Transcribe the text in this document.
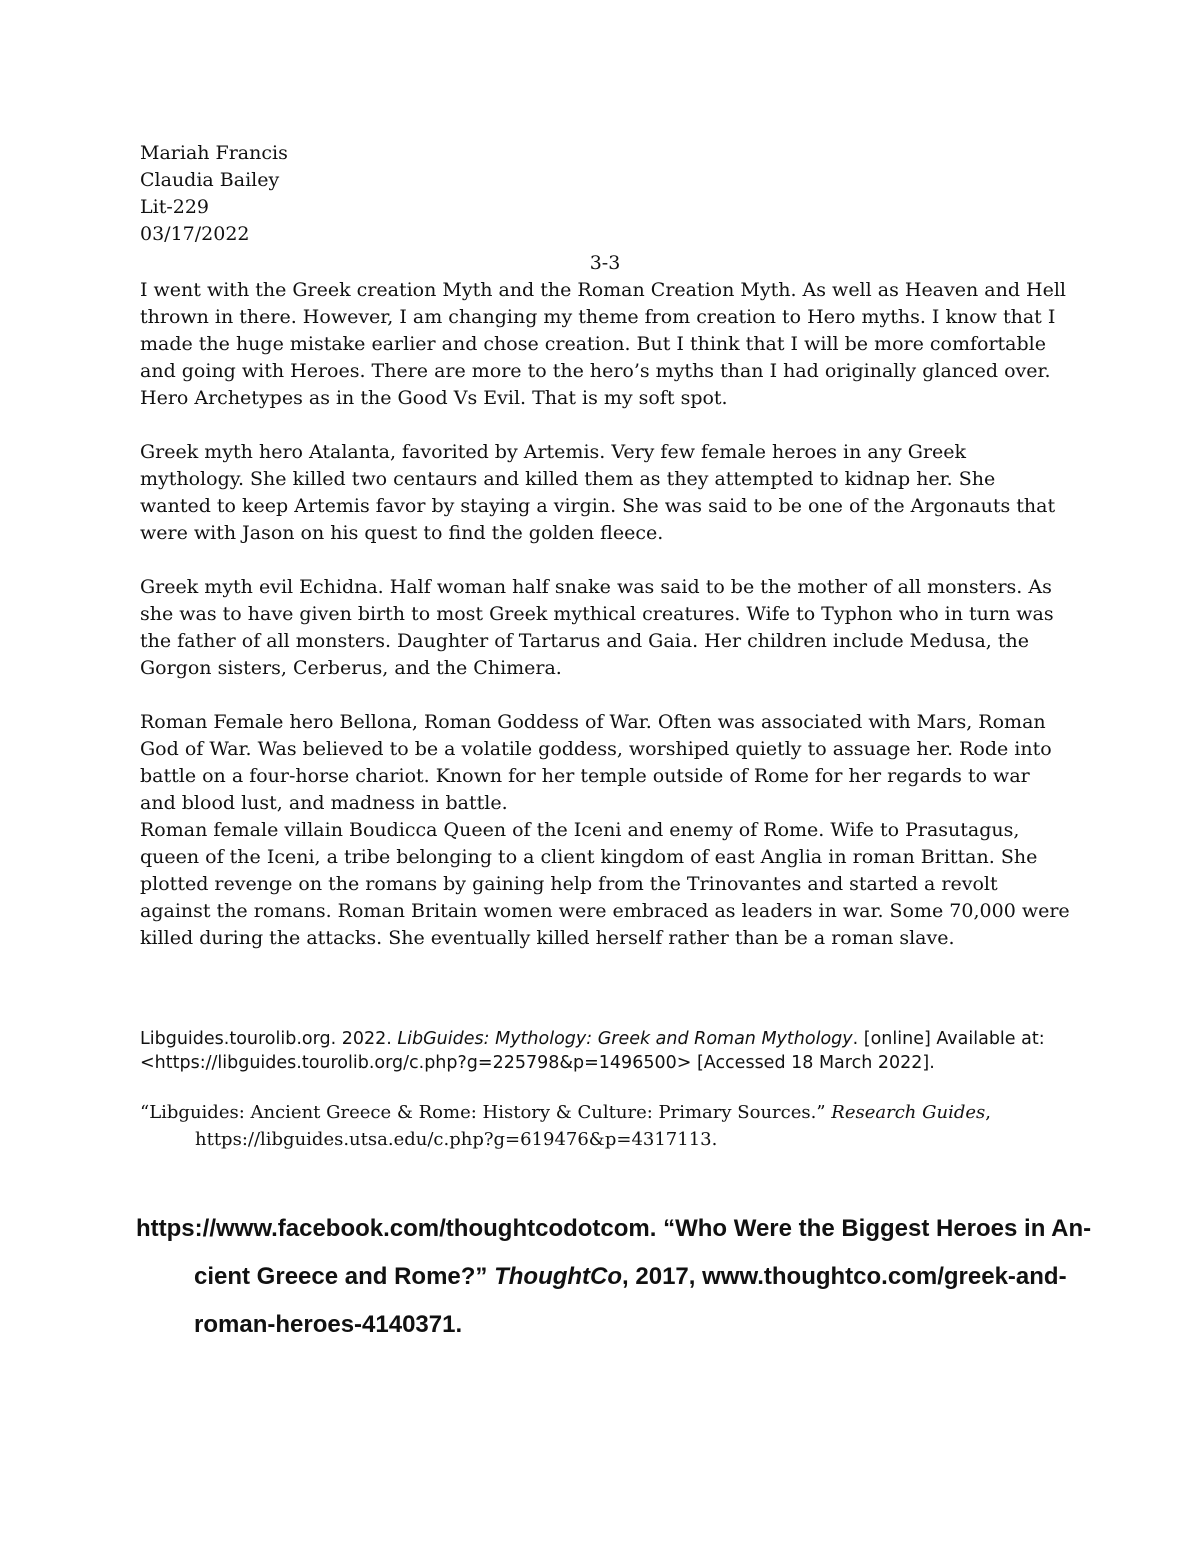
Mariah Francis
Claudia Bailey
Lit-229
03/17/2022
3-3

I went with the Greek creation Myth and the Roman Creation Myth. As well as Heaven and Hell thrown in there. However, I am changing my theme from creation to Hero myths. I know that I made the huge mistake earlier and chose creation. But I think that I will be more comfortable and going with Heroes. There are more to the hero’s myths than I had originally glanced over. Hero Archetypes as in the Good Vs Evil. That is my soft spot.

Greek myth hero Atalanta, favorited by Artemis. Very few female heroes in any Greek mythology. She killed two centaurs and killed them as they attempted to kidnap her. She wanted to keep Artemis favor by staying a virgin. She was said to be one of the Argonauts that were with Jason on his quest to find the golden fleece.

Greek myth evil Echidna. Half woman half snake was said to be the mother of all monsters. As she was to have given birth to most Greek mythical creatures. Wife to Typhon who in turn was the father of all monsters. Daughter of Tartarus and Gaia. Her children include Medusa, the Gorgon sisters, Cerberus, and the Chimera.

Roman Female hero Bellona, Roman Goddess of War. Often was associated with Mars, Roman God of War. Was believed to be a volatile goddess, worshiped quietly to assuage her. Rode into battle on a four-horse chariot. Known for her temple outside of Rome for her regards to war and blood lust, and madness in battle.

Roman female villain Boudicca Queen of the Iceni and enemy of Rome. Wife to Prasutagus, queen of the Iceni, a tribe belonging to a client kingdom of east Anglia in roman Brittan. She plotted revenge on the romans by gaining help from the Trinovantes and started a revolt against the romans. Roman Britain women were embraced as leaders in war. Some 70,000 were killed during the attacks. She eventually killed herself rather than be a roman slave.

Libguides.tourolib.org. 2022. LibGuides: Mythology: Greek and Roman Mythology. [online] Available at: <https://libguides.tourolib.org/c.php?g=225798&p=1496500> [Accessed 18 March 2022].

“Libguides: Ancient Greece & Rome: History & Culture: Primary Sources.” Research Guides, https://libguides.utsa.edu/c.php?g=619476&p=4317113.

https://www.facebook.com/thoughtcodotcom. “Who Were the Biggest Heroes in Ancient Greece and Rome?” ThoughtCo, 2017, www.thoughtco.com/greek-and-roman-heroes-4140371.
